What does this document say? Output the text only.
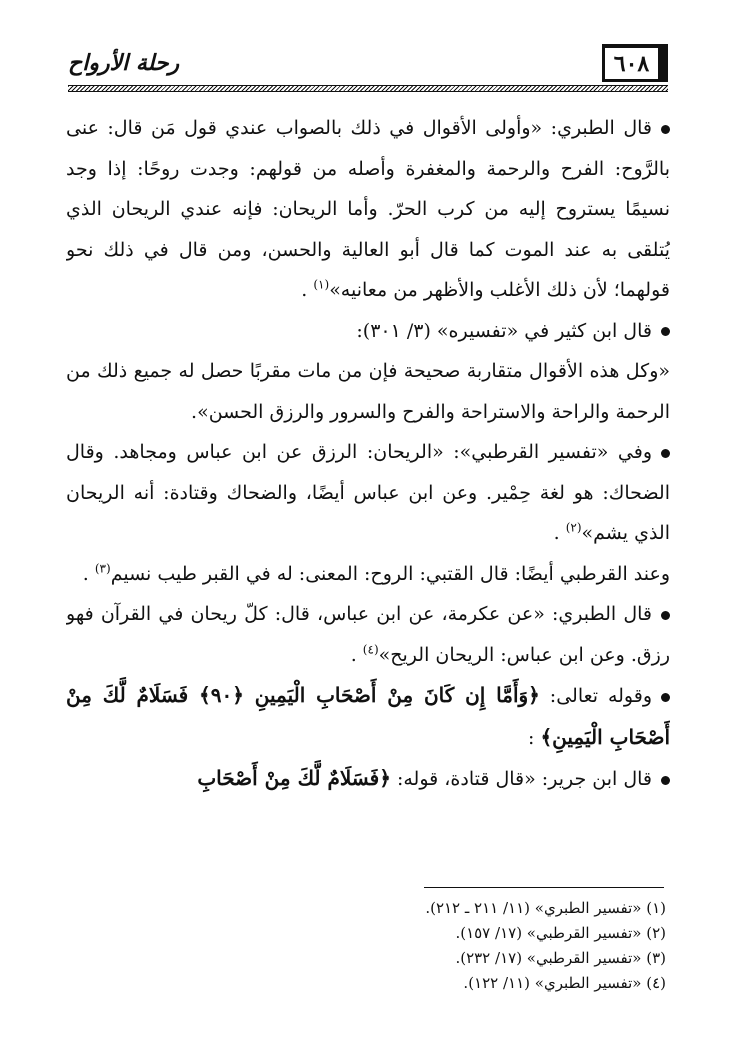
٦٠٨
رحلة الأرواح

قال الطبري: «وأولى الأقوال في ذلك بالصواب عندي قول مَن قال: عنى بالرَّوح: الفرح والرحمة والمغفرة وأصله من قولهم: وجدت روحًا: إذا وجد نسيمًا يستروح إليه من كرب الحرّ. وأما الريحان: فإنه عندي الريحان الذي يُتلقى به عند الموت كما قال أبو العالية والحسن، ومن قال في ذلك نحو قولهما؛ لأن ذلك الأغلب والأظهر من معانيه»$^{(١)}$ .

قال ابن كثير في «تفسيره» (٣/ ٣٠١):

«وكل هذه الأقوال متقاربة صحيحة فإن من مات مقربًا حصل له جميع ذلك من الرحمة والراحة والاستراحة والفرح والسرور والرزق الحسن».

وفي «تفسير القرطبي»: «الريحان: الرزق عن ابن عباس ومجاهد. وقال الضحاك: هو لغة حِمْير. وعن ابن عباس أيضًا، والضحاك وقتادة: أنه الريحان الذي يشم»$^{(٢)}$ .

وعند القرطبي أيضًا: قال القتبي: الروح: المعنى: له في القبر طيب نسيم$^{(٣)}$ .

قال الطبري: «عن عكرمة، عن ابن عباس، قال: كلّ ريحان في القرآن فهو رزق. وعن ابن عباس: الريحان الريح»$^{(٤)}$ .

وقوله تعالى: ﴿وَأَمَّا إِن كَانَ مِنْ أَصْحَابِ الْيَمِينِ ﴿٩٠﴾ فَسَلَامٌ لَّكَ مِنْ أَصْحَابِ الْيَمِينِ﴾ :

قال ابن جرير: «قال قتادة، قوله: ﴿فَسَلَامٌ لَّكَ مِنْ أَصْحَابِ

(١) «تفسير الطبري» (١١/ ٢١١ ـ ٢١٢).

(٢) «تفسير القرطبي» (١٧/ ١٥٧).

(٣) «تفسير القرطبي» (١٧/ ٢٣٢).

(٤) «تفسير الطبري» (١١/ ١٢٢).
